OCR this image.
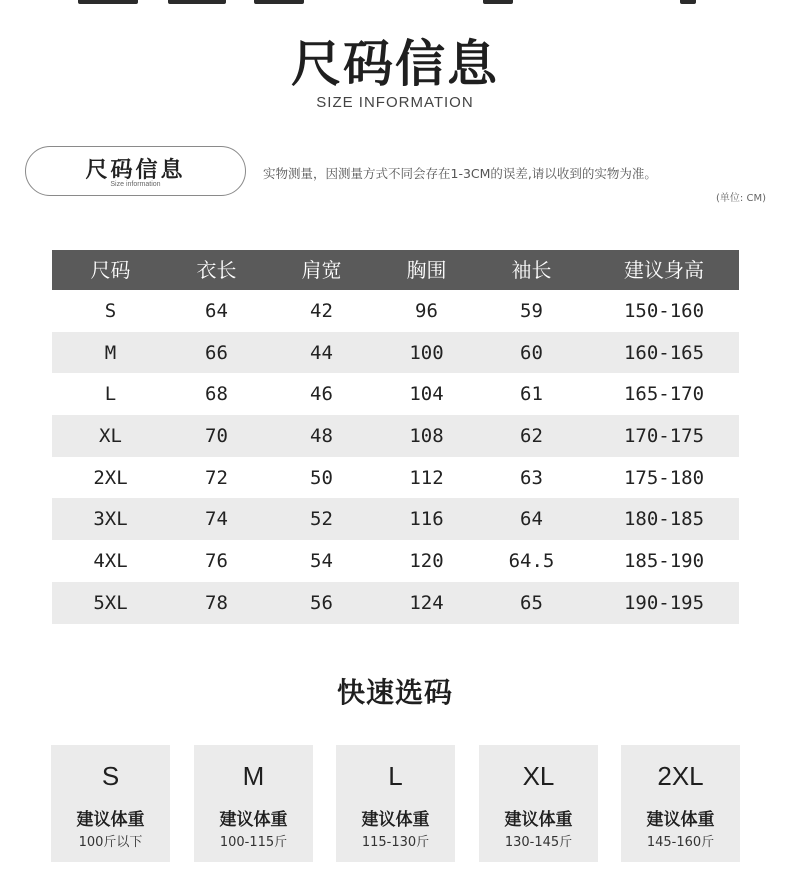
尺码信息
SIZE INFORMATION
尺码信息
Size information
实物测量，因测量方式不同会存在1-3CM的误差,请以收到的实物为准。
(单位: CM)
尺码	衣长	肩宽	胸围	袖长	建议身高
S	64	42	96	59	150-160
M	66	44	100	60	160-165
L	68	46	104	61	165-170
XL	70	48	108	62	170-175
2XL	72	50	112	63	175-180
3XL	74	52	116	64	180-185
4XL	76	54	120	64.5	185-190
5XL	78	56	124	65	190-195
快速选码
S
建议体重
100斤以下
M
建议体重
100-115斤
L
建议体重
115-130斤
XL
建议体重
130-145斤
2XL
建议体重
145-160斤
